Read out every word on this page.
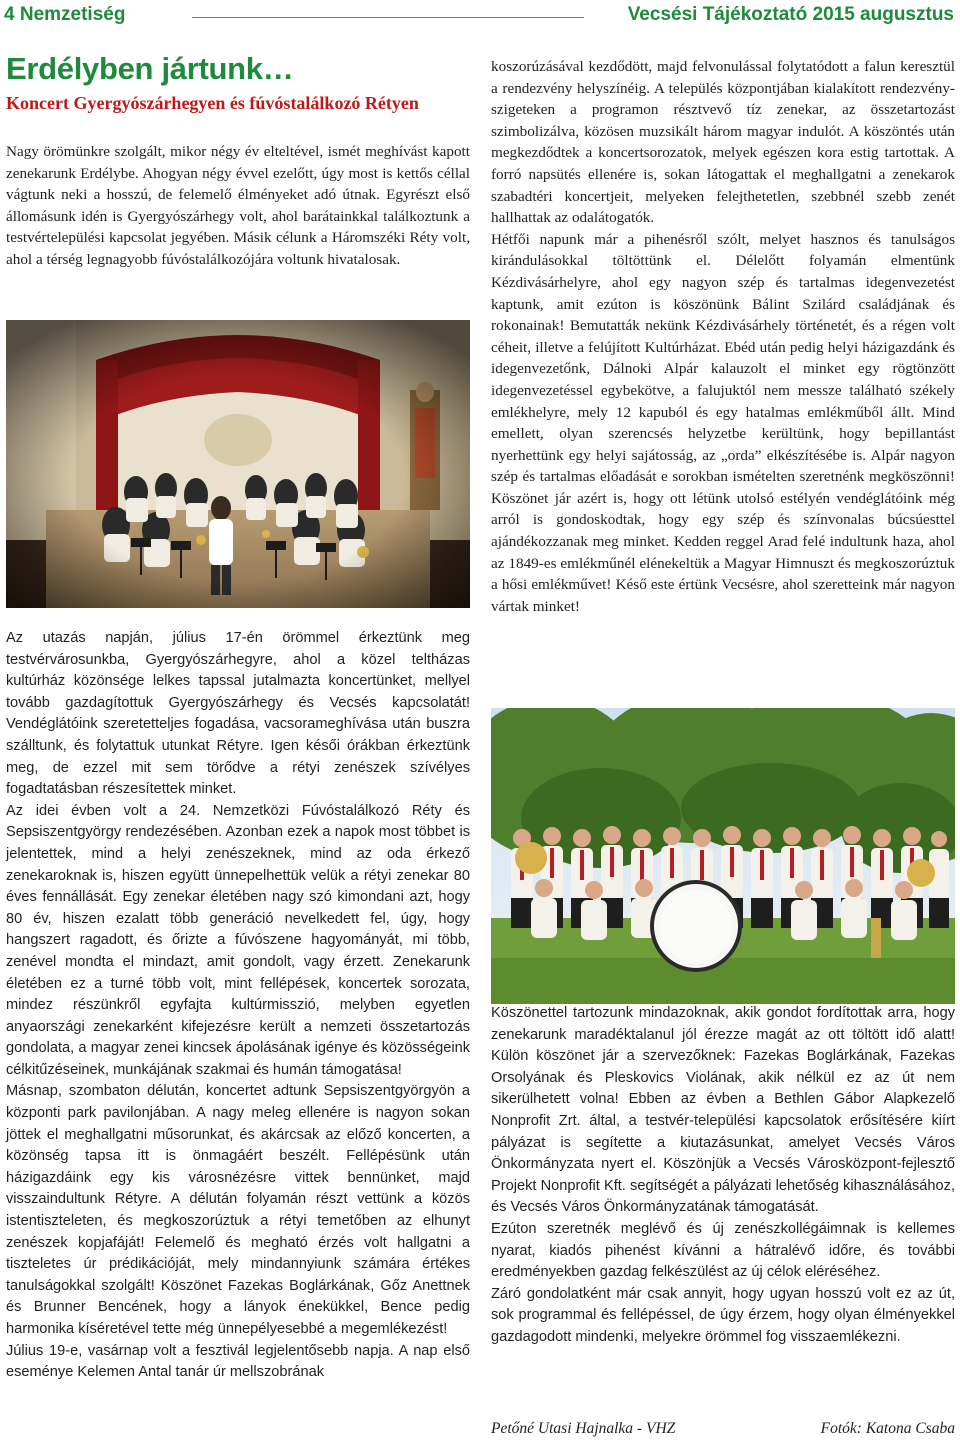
4 Nemzetiség	Vecsési Tájékoztató 2015 augusztus
Erdélyben jártunk…
Koncert Gyergyószárhegyen és fúvóstalálkozó Rétyen

Nagy örömünkre szolgált, mikor négy év elteltével, ismét meghívást kapott zenekarunk Erdélybe. Ahogyan négy évvel ezelőtt, úgy most is kettős céllal vágtunk neki a hosszú, de felemelő élményeket adó útnak. Egyrészt első állomásunk idén is Gyergyószárhegy volt, ahol barátainkkal találkoztunk a testvértelepülési kapcsolat jegyében. Másik célunk a Háromszéki Réty volt, ahol a térség legnagyobb fúvóstalálkozójára voltunk hivatalosak.

Az utazás napján, július 17-én örömmel érkeztünk meg testvérvárosunkba, Gyergyószárhegyre, ahol a közel teltházas kultúrház közönsége lelkes tapssal jutalmazta koncertünket, mellyel tovább gazdagítottuk Gyergyószárhegy és Vecsés kapcsolatát! Vendéglátóink szeretetteljes fogadása, vacsorameghívása után buszra szálltunk, és folytattuk utunkat Rétyre. Igen késői órákban érkeztünk meg, de ezzel mit sem törődve a rétyi zenészek szívélyes fogadtatásban részesítettek minket.
Az idei évben volt a 24. Nemzetközi Fúvóstalálkozó Réty és Sepsiszentgyörgy rendezésében. Azonban ezek a napok most többet is jelentettek, mind a helyi zenészeknek, mind az oda érkező zenekaroknak is, hiszen együtt ünnepelhettük velük a rétyi zenekar 80 éves fennállását. Egy zenekar életében nagy szó kimondani azt, hogy 80 év, hiszen ezalatt több generáció nevelkedett fel, úgy, hogy hangszert ragadott, és őrizte a fúvószene hagyományát, mi több, zenével mondta el mindazt, amit gondolt, vagy érzett. Zenekarunk életében ez a turné több volt, mint fellépések, koncertek sorozata, mindez részünkről egyfajta kultúrmisszió, melyben egyetlen anyaországi zenekarként kifejezésre került a nemzeti összetartozás gondolata, a magyar zenei kincsek ápolásának igénye és közösségeink célkitűzéseinek, munkájának szakmai és humán támogatása!
Másnap, szombaton délután, koncertet adtunk Sepsiszentgyörgyön a központi park pavilonjában. A nagy meleg ellenére is nagyon sokan jöttek el meghallgatni műsorunkat, és akárcsak az előző koncerten, a közönség tapsa itt is önmagáért beszélt. Fellépésünk után házigazdáink egy kis városnézésre vittek bennünket, majd visszaindultunk Rétyre. A délután folyamán részt vettünk a közös istentiszteleten, és megkoszorúztuk a rétyi temetőben az elhunyt zenészek kopjafáját! Felemelő és megható érzés volt hallgatni a tiszteletes úr prédikációját, mely mindannyiunk számára értékes tanulságokkal szolgált! Köszönet Fazekas Boglárkának, Gőz Anettnek és Brunner Bencének, hogy a lányok énekükkel, Bence pedig harmonika kíséretével tette még ünnepélyesebbé a megemlékezést!
Július 19-e, vasárnap volt a fesztivál legjelentősebb napja. A nap első eseménye Kelemen Antal tanár úr mellszobrának

koszorúzásával kezdődött, majd felvonulással folytatódott a falun keresztül a rendezvény helyszínéig. A település központjában kialakított rendezvény-szigeteken a programon résztvevő tíz zenekar, az összetartozást szimbolizálva, közösen muzsikált három magyar indulót. A köszöntés után megkezdődtek a koncertsorozatok, melyek egészen kora estig tartottak. A forró napsütés ellenére is, sokan látogattak el meghallgatni a zenekarok szabadtéri koncertjeit, melyeken felejthetetlen, szebbnél szebb zenét hallhattak az odalátogatók.
Hétfői napunk már a pihenésről szólt, melyet hasznos és tanulságos kirándulásokkal töltöttünk el. Délelőtt folyamán elmentünk Kézdivásárhelyre, ahol egy nagyon szép és tartalmas idegenvezetést kaptunk, amit ezúton is köszönünk Bálint Szilárd családjának és rokonainak! Bemutatták nekünk Kézdivásárhely történetét, és a régen volt céheit, illetve a felújított Kultúrházat. Ebéd után pedig helyi házigazdánk és idegenvezetőnk, Dálnoki Alpár kalauzolt el minket egy rögtönzött idegenvezetéssel egybekötve, a falujuktól nem messze található székely emlékhelyre, mely 12 kapuból és egy hatalmas emlékműből állt. Mind emellett, olyan szerencsés helyzetbe kerültünk, hogy bepillantást nyerhettünk egy helyi sajátosság, az „orda” elkészítésébe is. Alpár nagyon szép és tartalmas előadását e sorokban ismételten szeretnénk megköszönni! Köszönet jár azért is, hogy ott létünk utolsó estélyén vendéglátóink még arról is gondoskodtak, hogy egy szép és színvonalas búcsúesttel ajándékozzanak meg minket. Kedden reggel Arad felé indultunk haza, ahol az 1849-es emlékműnél elénekeltük a Magyar Himnuszt és megkoszorúztuk a hősi emlékművet! Késő este értünk Vecsésre, ahol szeretteink már nagyon vártak minket!

Köszönettel tartozunk mindazoknak, akik gondot fordítottak arra, hogy zenekarunk maradéktalanul jól érezze magát az ott töltött idő alatt! Külön köszönet jár a szervezőknek: Fazekas Boglárkának, Fazekas Orsolyának és Pleskovics Violának, akik nélkül ez az út nem sikerülhetett volna! Ebben az évben a Bethlen Gábor Alapkezelő Nonprofit Zrt. által, a testvér-települési kapcsolatok erősítésére kiírt pályázat is segítette a kiutazásunkat, amelyet Vecsés Város Önkormányzata nyert el. Köszönjük a Vecsés Városközpont-fejlesztő Projekt Nonprofit Kft. segítségét a pályázati lehetőség kihasználásához, és Vecsés Város Önkormányzatának támogatását.
Ezúton szeretnék meglévő és új zenészkollégáimnak is kellemes nyarat, kiadós pihenést kívánni a hátralévő időre, és további eredményekben gazdag felkészülést az új célok eléréséhez.
Záró gondolatként már csak annyit, hogy ugyan hosszú volt ez az út, sok programmal és fellépéssel, de úgy érzem, hogy olyan élményekkel gazdagodott mindenki, melyekre örömmel fog visszaemlékezni.

Petőné Utasi Hajnalka - VHZ	Fotók: Katona Csaba
